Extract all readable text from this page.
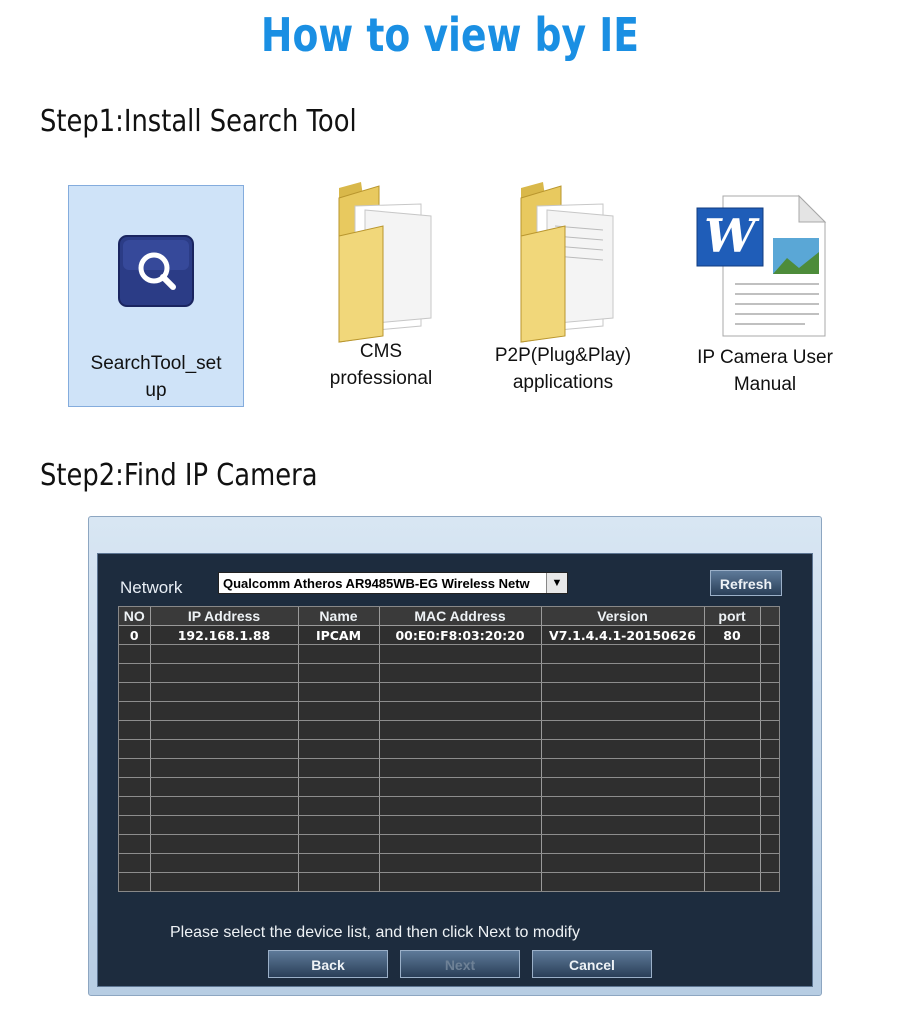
How to view by IE
Step1:Install Search Tool
SearchTool_set
up
CMS
professional
P2P(Plug&Play)
applications
W
IP Camera User
Manual
Step2:Find IP Camera
Network	Qualcomm Atheros AR9485WB-EG Wireless Netw	▼	Refresh
NO	IP Address	Name	MAC Address	Version	port	
0	192.168.1.88	IPCAM	00:E0:F8:03:20:20	V7.1.4.4.1-20150626	80	

Please select the device list, and then click Next to modify
Back	Next	Cancel
